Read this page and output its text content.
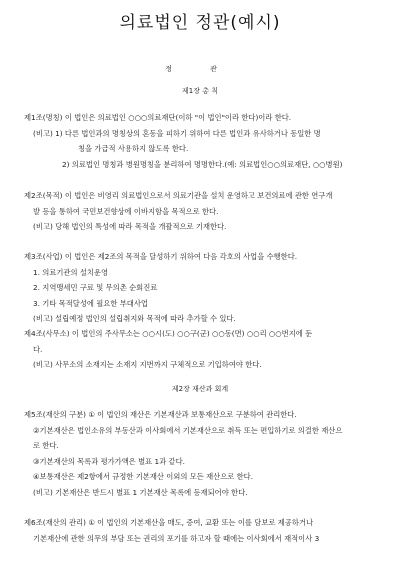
의료법인 정관(예시)
정 관
제1장 총 칙
제1조(명칭) 이 법인은 의료법인 ○○○의료재단(이하 "이 법인"이라 한다)이라 한다.
(비고) 1) 다른 법인과의 명칭상의 혼동을 피하기 위하여 다른 법인과 유사하거나 동일한 명
칭을 가급적 사용하지 않도록 한다.
2) 의료법인 명칭과 병원명칭을 분리하여 명명한다.(예: 의료법인○○의료재단, ○○병원)
제2조(목적) 이 법인은 비영리 의료법인으로서 의료기관을 설치 운영하고 보건의료에 관한 연구개
발 등을 통하여 국민보건향상에 이바지함을 목적으로 한다.
(비고) 당해 법인의 특성에 따라 목적을 개괄적으로 기재한다.
제3조(사업) 이 법인은 제2조의 목적을 달성하기 위하여 다음 각호의 사업을 수행한다.
1. 의료기관의 설치운영
2. 지역맹세민 구료 및 무의촌 순회진료
3. 기타 목적달성에 필요한 부대사업
(비고) 설립예정 법인의 설립취지와 목적에 따라 추가할 수 있다.
제4조(사무소) 이 법인의 주사무소는 ○○시(도) ○○구(군) ○○동(면) ○○리 ○○번지에 둔
다.
(비고) 사무소의 소재지는 소재지 지번까지 구체적으로 기입하여야 한다.
제2장 재산과 회계
제5조(재산의 구분) ① 이 법인의 재산은 기본재산과 보통재산으로 구분하여 관리한다.
②기본재산은 법인소유의 부동산과 이사회에서 기본재산으로 취득 또는 편입하기로 의결한 재산으
로 한다.
③기본재산의 목록과 평가가액은 별표 1과 같다.
④보통재산은 제2항에서 규정한 기본재산 이외의 모든 재산으로 한다.
(비고) 기본재산은 반드시 별표 1 기본재산 목록에 등재되어야 한다.
제6조(재산의 관리) ① 이 법인의 기본재산을 매도, 증여, 교환 또는 이를 담보로 제공하거나
기본재산에 관한 의무의 부담 또는 권리의 포기를 하고자 할 때에는 이사회에서 재적이사 3
